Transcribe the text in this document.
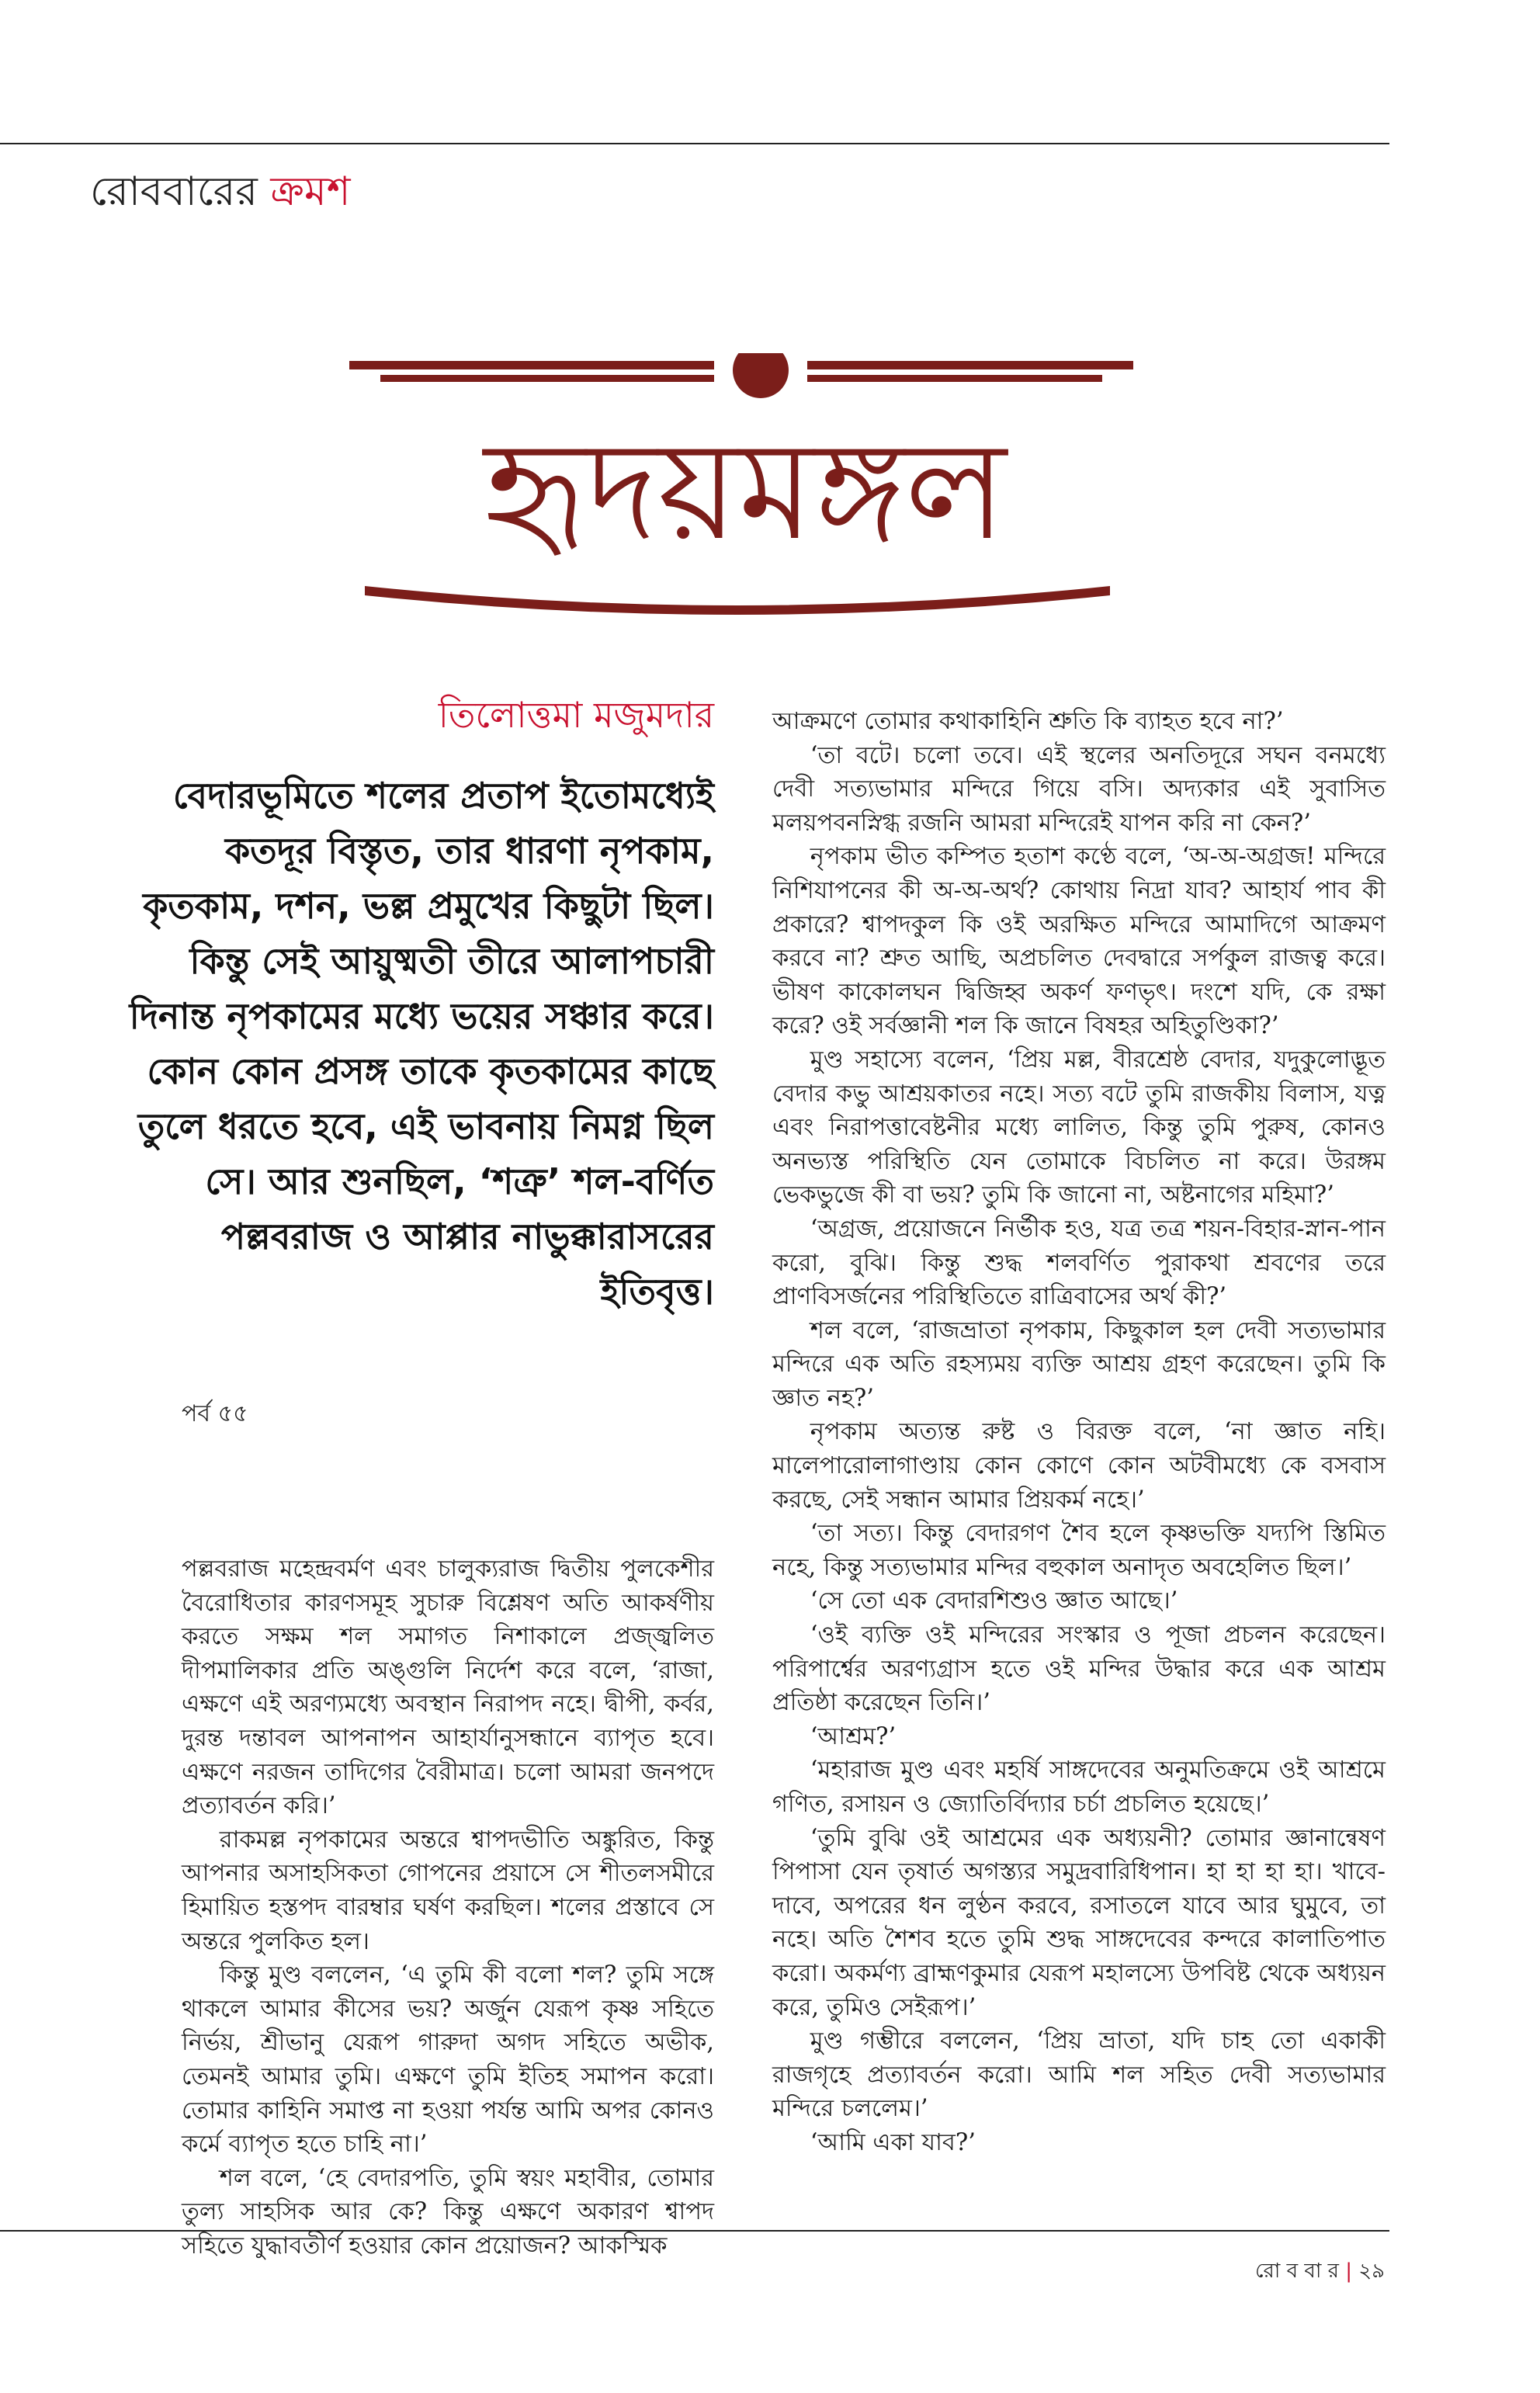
রোববারের ক্রমশ
হৃদয়মঙ্গল
তিলোত্তমা মজুমদার

বেদারভূমিতে শলের প্রতাপ ইতোমধ্যেই কতদূর বিস্তৃত, তার ধারণা নৃপকাম, কৃতকাম, দশন, ভল্ল প্রমুখের কিছুটা ছিল। কিন্তু সেই আয়ুষ্মতী তীরে আলাপচারী দিনান্ত নৃপকামের মধ্যে ভয়ের সঞ্চার করে। কোন কোন প্রসঙ্গ তাকে কৃতকামের কাছে তুলে ধরতে হবে, এই ভাবনায় নিমগ্ন ছিল সে। আর শুনছিল, ‘শত্রু’ শল-বর্ণিত পল্লবরাজ ও আপ্পার নাভুক্কারাসরের ইতিবৃত্ত।

পর্ব ৫৫

পল্লবরাজ মহেন্দ্রবর্মণ এবং চালুক্যরাজ দ্বিতীয় পুলকেশীর বৈরোধিতার কারণসমূহ সুচারু বিশ্লেষণ অতি আকর্ষণীয় করতে সক্ষম শল সমাগত নিশাকালে প্রজ্জ্বলিত দীপমালিকার প্রতি অঙ্গুলি নির্দেশ করে বলে, ‘রাজা, এক্ষণে এই অরণ্যমধ্যে অবস্থান নিরাপদ নহে। দ্বীপী, কর্বর, দুরন্ত দন্তাবল আপনাপন আহার্যানুসন্ধানে ব্যাপৃত হবে। এক্ষণে নরজন তাদিগের বৈরীমাত্র। চলো আমরা জনপদে প্রত্যাবর্তন করি।’

রাকমল্ল নৃপকামের অন্তরে শ্বাপদভীতি অঙ্কুরিত, কিন্তু আপনার অসাহসিকতা গোপনের প্রয়াসে সে শীতলসমীরে হিমায়িত হস্তপদ বারম্বার ঘর্ষণ করছিল। শলের প্রস্তাবে সে অন্তরে পুলকিত হল।

কিন্তু মুণ্ড বললেন, ‘এ তুমি কী বলো শল? তুমি সঙ্গে থাকলে আমার কীসের ভয়? অর্জুন যেরূপ কৃষ্ণ সহিতে নির্ভয়, শ্রীভানু যেরূপ গারুদা অগদ সহিতে অভীক, তেমনই আমার তুমি। এক্ষণে তুমি ইতিহ সমাপন করো। তোমার কাহিনি সমাপ্ত না হওয়া পর্যন্ত আমি অপর কোনও কর্মে ব্যাপৃত হতে চাহি না।’

শল বলে, ‘হে বেদারপতি, তুমি স্বয়ং মহাবীর, তোমার তুল্য সাহসিক আর কে? কিন্তু এক্ষণে অকারণ শ্বাপদ সহিতে যুদ্ধাবতীর্ণ হওয়ার কোন প্রয়োজন? আকস্মিক

আক্রমণে তোমার কথাকাহিনি শ্রুতি কি ব্যাহত হবে না?’

‘তা বটে। চলো তবে। এই স্থলের অনতিদূরে সঘন বনমধ্যে দেবী সত্যভামার মন্দিরে গিয়ে বসি। অদ্যকার এই সুবাসিত মলয়পবনস্নিগ্ধ রজনি আমরা মন্দিরেই যাপন করি না কেন?’

নৃপকাম ভীত কম্পিত হতাশ কণ্ঠে বলে, ‘অ-অ-অগ্রজ! মন্দিরে নিশিযাপনের কী অ-অ-অর্থ? কোথায় নিদ্রা যাব? আহার্য পাব কী প্রকারে? শ্বাপদকুল কি ওই অরক্ষিত মন্দিরে আমাদিগে আক্রমণ করবে না? শ্রুত আছি, অপ্রচলিত দেবদ্বারে সর্পকুল রাজত্ব করে। ভীষণ কাকোলঘন দ্বিজিহ্ব অকর্ণ ফণভৃৎ। দংশে যদি, কে রক্ষা করে? ওই সর্বজ্ঞানী শল কি জানে বিষহর অহিতুণ্ডিকা?’

মুণ্ড সহাস্যে বলেন, ‘প্রিয় মল্ল, বীরশ্রেষ্ঠ বেদার, যদুকুলোদ্ভূত বেদার কভু আশ্রয়কাতর নহে। সত্য বটে তুমি রাজকীয় বিলাস, যত্ন এবং নিরাপত্তাবেষ্টনীর মধ্যে লালিত, কিন্তু তুমি পুরুষ, কোনও অনভ্যস্ত পরিস্থিতি যেন তোমাকে বিচলিত না করে। উরঙ্গম ভেকভুজে কী বা ভয়? তুমি কি জানো না, অষ্টনাগের মহিমা?’

‘অগ্রজ, প্রয়োজনে নির্ভীক হও, যত্র তত্র শয়ন-বিহার-স্নান-পান করো, বুঝি। কিন্তু শুদ্ধ শলবর্ণিত পুরাকথা শ্রবণের তরে প্রাণবিসর্জনের পরিস্থিতিতে রাত্রিবাসের অর্থ কী?’

শল বলে, ‘রাজভ্রাতা নৃপকাম, কিছুকাল হল দেবী সত্যভামার মন্দিরে এক অতি রহস্যময় ব্যক্তি আশ্রয় গ্রহণ করেছেন। তুমি কি জ্ঞাত নহ?’

নৃপকাম অত্যন্ত রুষ্ট ও বিরক্ত বলে, ‘না জ্ঞাত নহি। মালেপারোলাগাণ্ডায় কোন কোণে কোন অটবীমধ্যে কে বসবাস করছে, সেই সন্ধান আমার প্রিয়কর্ম নহে।’

‘তা সত্য। কিন্তু বেদারগণ শৈব হলে কৃষ্ণভক্তি যদ্যপি স্তিমিত নহে, কিন্তু সত্যভামার মন্দির বহুকাল অনাদৃত অবহেলিত ছিল।’

‘সে তো এক বেদারশিশুও জ্ঞাত আছে।’

‘ওই ব্যক্তি ওই মন্দিরের সংস্কার ও পূজা প্রচলন করেছেন। পরিপার্শ্বের অরণ্যগ্রাস হতে ওই মন্দির উদ্ধার করে এক আশ্রম প্রতিষ্ঠা করেছেন তিনি।’

‘আশ্রম?’

‘মহারাজ মুণ্ড এবং মহর্ষি সাঙ্গদেবের অনুমতিক্রমে ওই আশ্রমে গণিত, রসায়ন ও জ্যোতির্বিদ্যার চর্চা প্রচলিত হয়েছে।’

‘তুমি বুঝি ওই আশ্রমের এক অধ্যয়নী? তোমার জ্ঞানান্বেষণ পিপাসা যেন তৃষার্ত অগস্ত্যর সমুদ্রবারিধিপান। হা হা হা হা। খাবে-দাবে, অপরের ধন লুণ্ঠন করবে, রসাতলে যাবে আর ঘুমুবে, তা নহে। অতি শৈশব হতে তুমি শুদ্ধ সাঙ্গদেবের কন্দরে কালাতিপাত করো। অকর্মণ্য ব্রাহ্মণকুমার যেরূপ মহালস্যে উপবিষ্ট থেকে অধ্যয়ন করে, তুমিও সেইরূপ।’

মুণ্ড গম্ভীরে বললেন, ‘প্রিয় ভ্রাতা, যদি চাহ তো একাকী রাজগৃহে প্রত্যাবর্তন করো। আমি শল সহিত দেবী সত্যভামার মন্দিরে চললেম।’

‘আমি একা যাব?’

রো ব বা র | ২৯
